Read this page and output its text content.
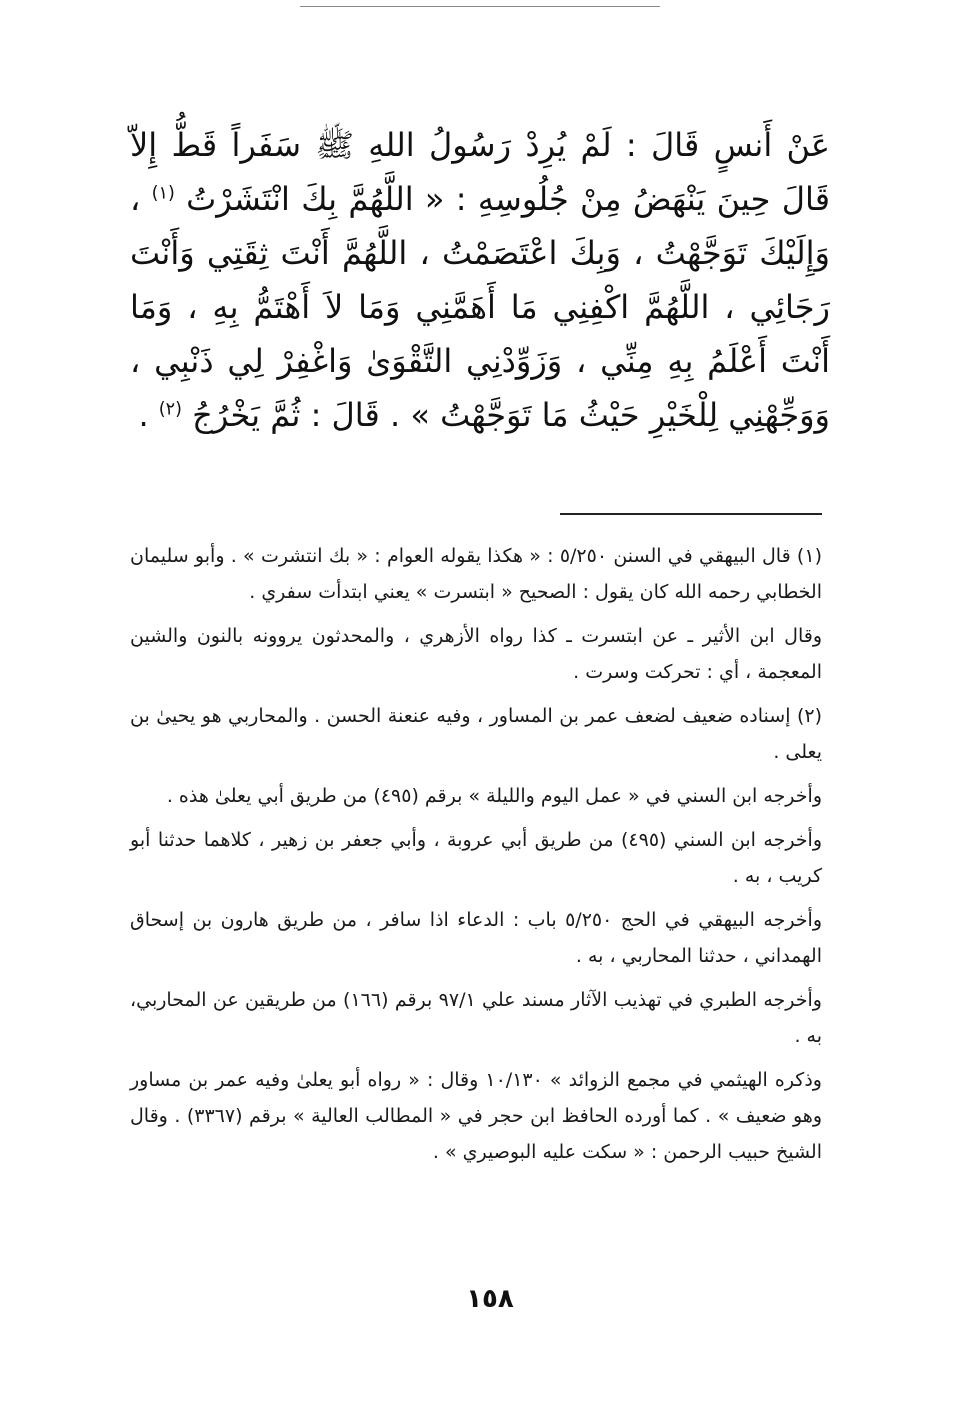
عَنْ أَنسٍ قَالَ : لَمْ يُرِدْ رَسُولُ اللهِ ﷺ سَفَراً قَطُّ إِلاّ قَالَ حِينَ يَنْهَضُ مِنْ جُلُوسِهِ : « اللَّهُمَّ بِكَ انْتَشَرْتُ $^{(١)}$ ، وَإِلَيْكَ تَوَجَّهْتُ ، وَبِكَ اعْتَصَمْتُ ، اللَّهُمَّ أَنْتَ ثِقَتِي وَأَنْتَ رَجَائِي ، اللَّهُمَّ اكْفِنِي مَا أَهَمَّنِي وَمَا لاَ أَهْتَمُّ بِهِ ، وَمَا أَنْتَ أَعْلَمُ بِهِ مِنِّي ، وَزَوِّدْنِي التَّقْوَىٰ وَاغْفِرْ لِي ذَنْبِي ، وَوَجِّهْنِي لِلْخَيْرِ حَيْثُ مَا تَوَجَّهْتُ » . قَالَ : ثُمَّ يَخْرُجُ $^{(٢)}$ .

(١) قال البيهقي في السنن ٥/٢٥٠ : « هكذا يقوله العوام : « بك انتشرت » . وأبو سليمان الخطابي رحمه الله كان يقول : الصحيح « ابتسرت » يعني ابتدأت سفري .

وقال ابن الأثير ـ عن ابتسرت ـ كذا رواه الأزهري ، والمحدثون يروونه بالنون والشين المعجمة ، أي : تحركت وسرت .

(٢) إسناده ضعيف لضعف عمر بن المساور ، وفيه عنعنة الحسن . والمحاربي هو يحيىٰ بن يعلى .

وأخرجه ابن السني في « عمل اليوم والليلة » برقم (٤٩٥) من طريق أبي يعلىٰ هذه .

وأخرجه ابن السني (٤٩٥) من طريق أبي عروبة ، وأبي جعفر بن زهير ، كلاهما حدثنا أبو كريب ، به .

وأخرجه البيهقي في الحج ٥/٢٥٠ باب : الدعاء اذا سافر ، من طريق هارون بن إسحاق الهمداني ، حدثنا المحاربي ، به .

وأخرجه الطبري في تهذيب الآثار مسند علي ٩٧/١ برقم (١٦٦) من طريقين عن المحاربي، به .

وذكره الهيثمي في مجمع الزوائد » ١٠/١٣٠ وقال : « رواه أبو يعلىٰ وفيه عمر بن مساور وهو ضعيف » . كما أورده الحافظ ابن حجر في « المطالب العالية » برقم (٣٣٦٧) . وقال الشيخ حبيب الرحمن : « سكت عليه البوصيري » .

١٥٨
